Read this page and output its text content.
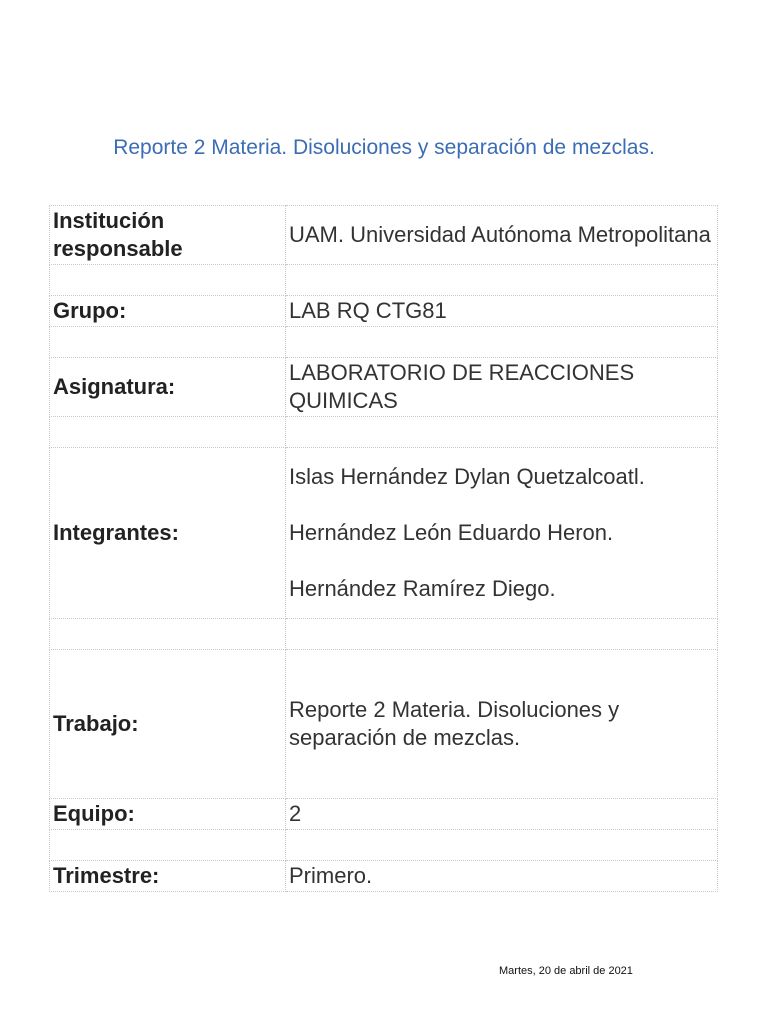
Reporte 2 Materia. Disoluciones y separación de mezclas.
Institución responsable	UAM. Universidad Autónoma Metropolitana

Grupo:	LAB RQ CTG81

Asignatura:	LABORATORIO DE REACCIONES QUIMICAS

Integrantes:	Islas Hernández Dylan Quetzalcoatl.
Hernández León Eduardo Heron.
Hernández Ramírez Diego.

Trabajo:	Reporte 2 Materia. Disoluciones y separación de mezclas.
Equipo:	2

Trimestre:	Primero.
Martes, 20 de abril de 2021
